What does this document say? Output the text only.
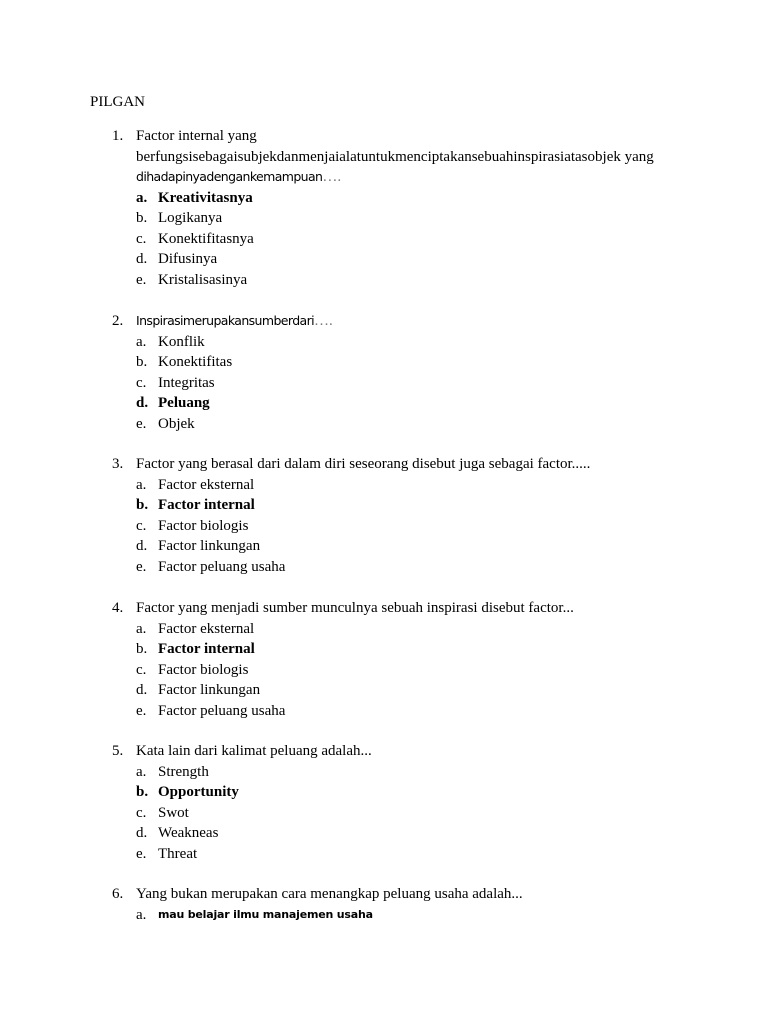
PILGAN
1. Factor internal yang
berfungsisebagaisubjekdanmenjaialatuntukmenciptakansebuahinspirasiatasobjek yang
dihadapinyadengankemampuan….
a. Kreativitasnya
b. Logikanya
c. Konektifitasnya
d. Difusinya
e. Kristalisasinya
2.	Inspirasimerupakansumberdari….
a. Konflik
b. Konektifitas
c. Integritas
d. Peluang
e. Objek
3. Factor yang berasal dari dalam diri seseorang disebut juga sebagai factor.....
a. Factor eksternal
b. Factor internal
c. Factor biologis
d. Factor linkungan
e. Factor peluang usaha
4. Factor yang menjadi sumber munculnya sebuah inspirasi disebut factor...
a. Factor eksternal
b. Factor internal
c. Factor biologis
d. Factor linkungan
e. Factor peluang usaha
5. Kata lain dari kalimat peluang adalah...
a. Strength
b. Opportunity
c. Swot
d. Weakneas
e. Threat
6. Yang bukan merupakan cara menangkap peluang usaha adalah...
a.	mau belajar ilmu manajemen usaha
